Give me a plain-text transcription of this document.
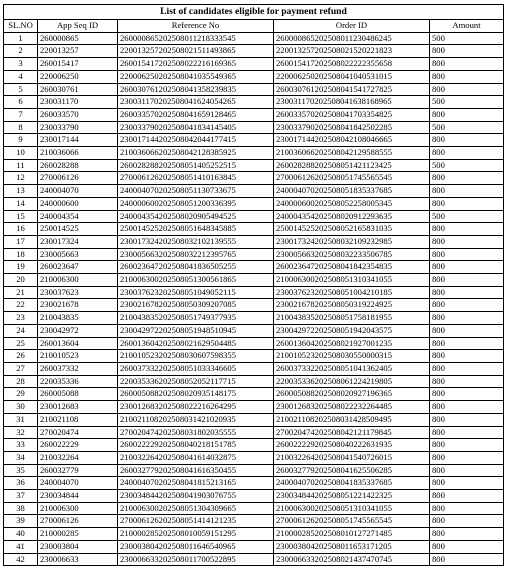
List of candidates eligible for payment refund				
SL.NO	App Seq ID	Reference No	Order ID	Amount
1	260000865	260000865202508011218333545	260000865202508011230486245	500
2	220013257	220013257202508021511493865	220013257202508021520221823	800
3	260015417	260015417202508022216169365	260015417202508022222355658	800
4	220006250	220006250202508041035549365	220006250202508041040531015	800
5	260030761	260030761202508041358239835	260030761202508041541727825	800
6	230031170	230031170202508041624054265	230031170202508041638168965	500
7	260033570	260033570202508041659128465	260033570202508041703354825	800
8	230033790	230033790202508041834145405	230033790202508041842502285	500
9	230017144	230017144202508042044177415	230017144202508042108046665	800
10	210036066	210036066202508042128385925	210036066202508042129588555	800
11	260028288	260028288202508051405252515	260028288202508051421123425	500
12	270006126	270006126202508051410163845	270006126202508051745565545	800
13	240004070	240004070202508051130733675	240004070202508051835337685	800
14	240000600	240000600202508051200336395	240000600202508052258005345	800
15	240004354	240004354202508020905494525	240004354202508020912293635	500
16	250014525	250014525202508051648345885	250014525202508052165831035	800
17	230017324	230017324202508032102139555	230017324202508032109232985	800
18	230005663	230005663202508032212395765	230005663202508032233506785	800
19	260023647	260023647202508041836505255	260023647202508041842354835	800
20	210006300	210006300202508051300561865	210006300202508051310341055	800
21	230037623	230037623202508051049052115	230037623202508051004210185	800
22	230021678	230021678202508050309207085	230021678202508050319224925	800
23	210043835	210043835202508051749377935	210043835202508051758181955	800
24	230042972	230042972202508051948510945	230042972202508051942043575	800
25	260013604	260013604202508021629504485	260013604202508021927001235	800
26	210010523	210010523202508030607598355	210010523202508030550000315	800
27	260037332	260037332202508051033346605	260037332202508051041362405	800
28	220035336	220035336202508052052117715	220035336202508061224219805	800
29	260005088	260005088202508020935148175	260005088202508020927196365	800
30	230012683	230012683202508022216264295	230012683202508022232264485	800
31	210021108	210021108202508031421020935	210021108202508031428509495	800
32	270020474	270020474202508031802035555	270020474202508042121179845	800
33	260022229	260022229202508040218151785	260022229202508040222631935	800
34	210032264	210032264202508041614032875	210032264202508041540726015	800
35	260032779	260032779202508041616350455	260032779202508041625506285	800
36	240004070	240004070202508041815213165	240004070202508041835337685	800
37	230034844	230034844202508041903076755	230034844202508051221422325	800
38	210006300	210006300202508051304309665	210006300202508051310341055	800
39	270006126	270006126202508051414121235	270006126202508051745565545	800
40	210000285	210000285202508010059151295	210000285202508010127271485	800
41	230003804	230003804202508011646540965	230003804202508011653171205	800
42	230006633	230006633202508011700522895	230006633202508021437470745	800
